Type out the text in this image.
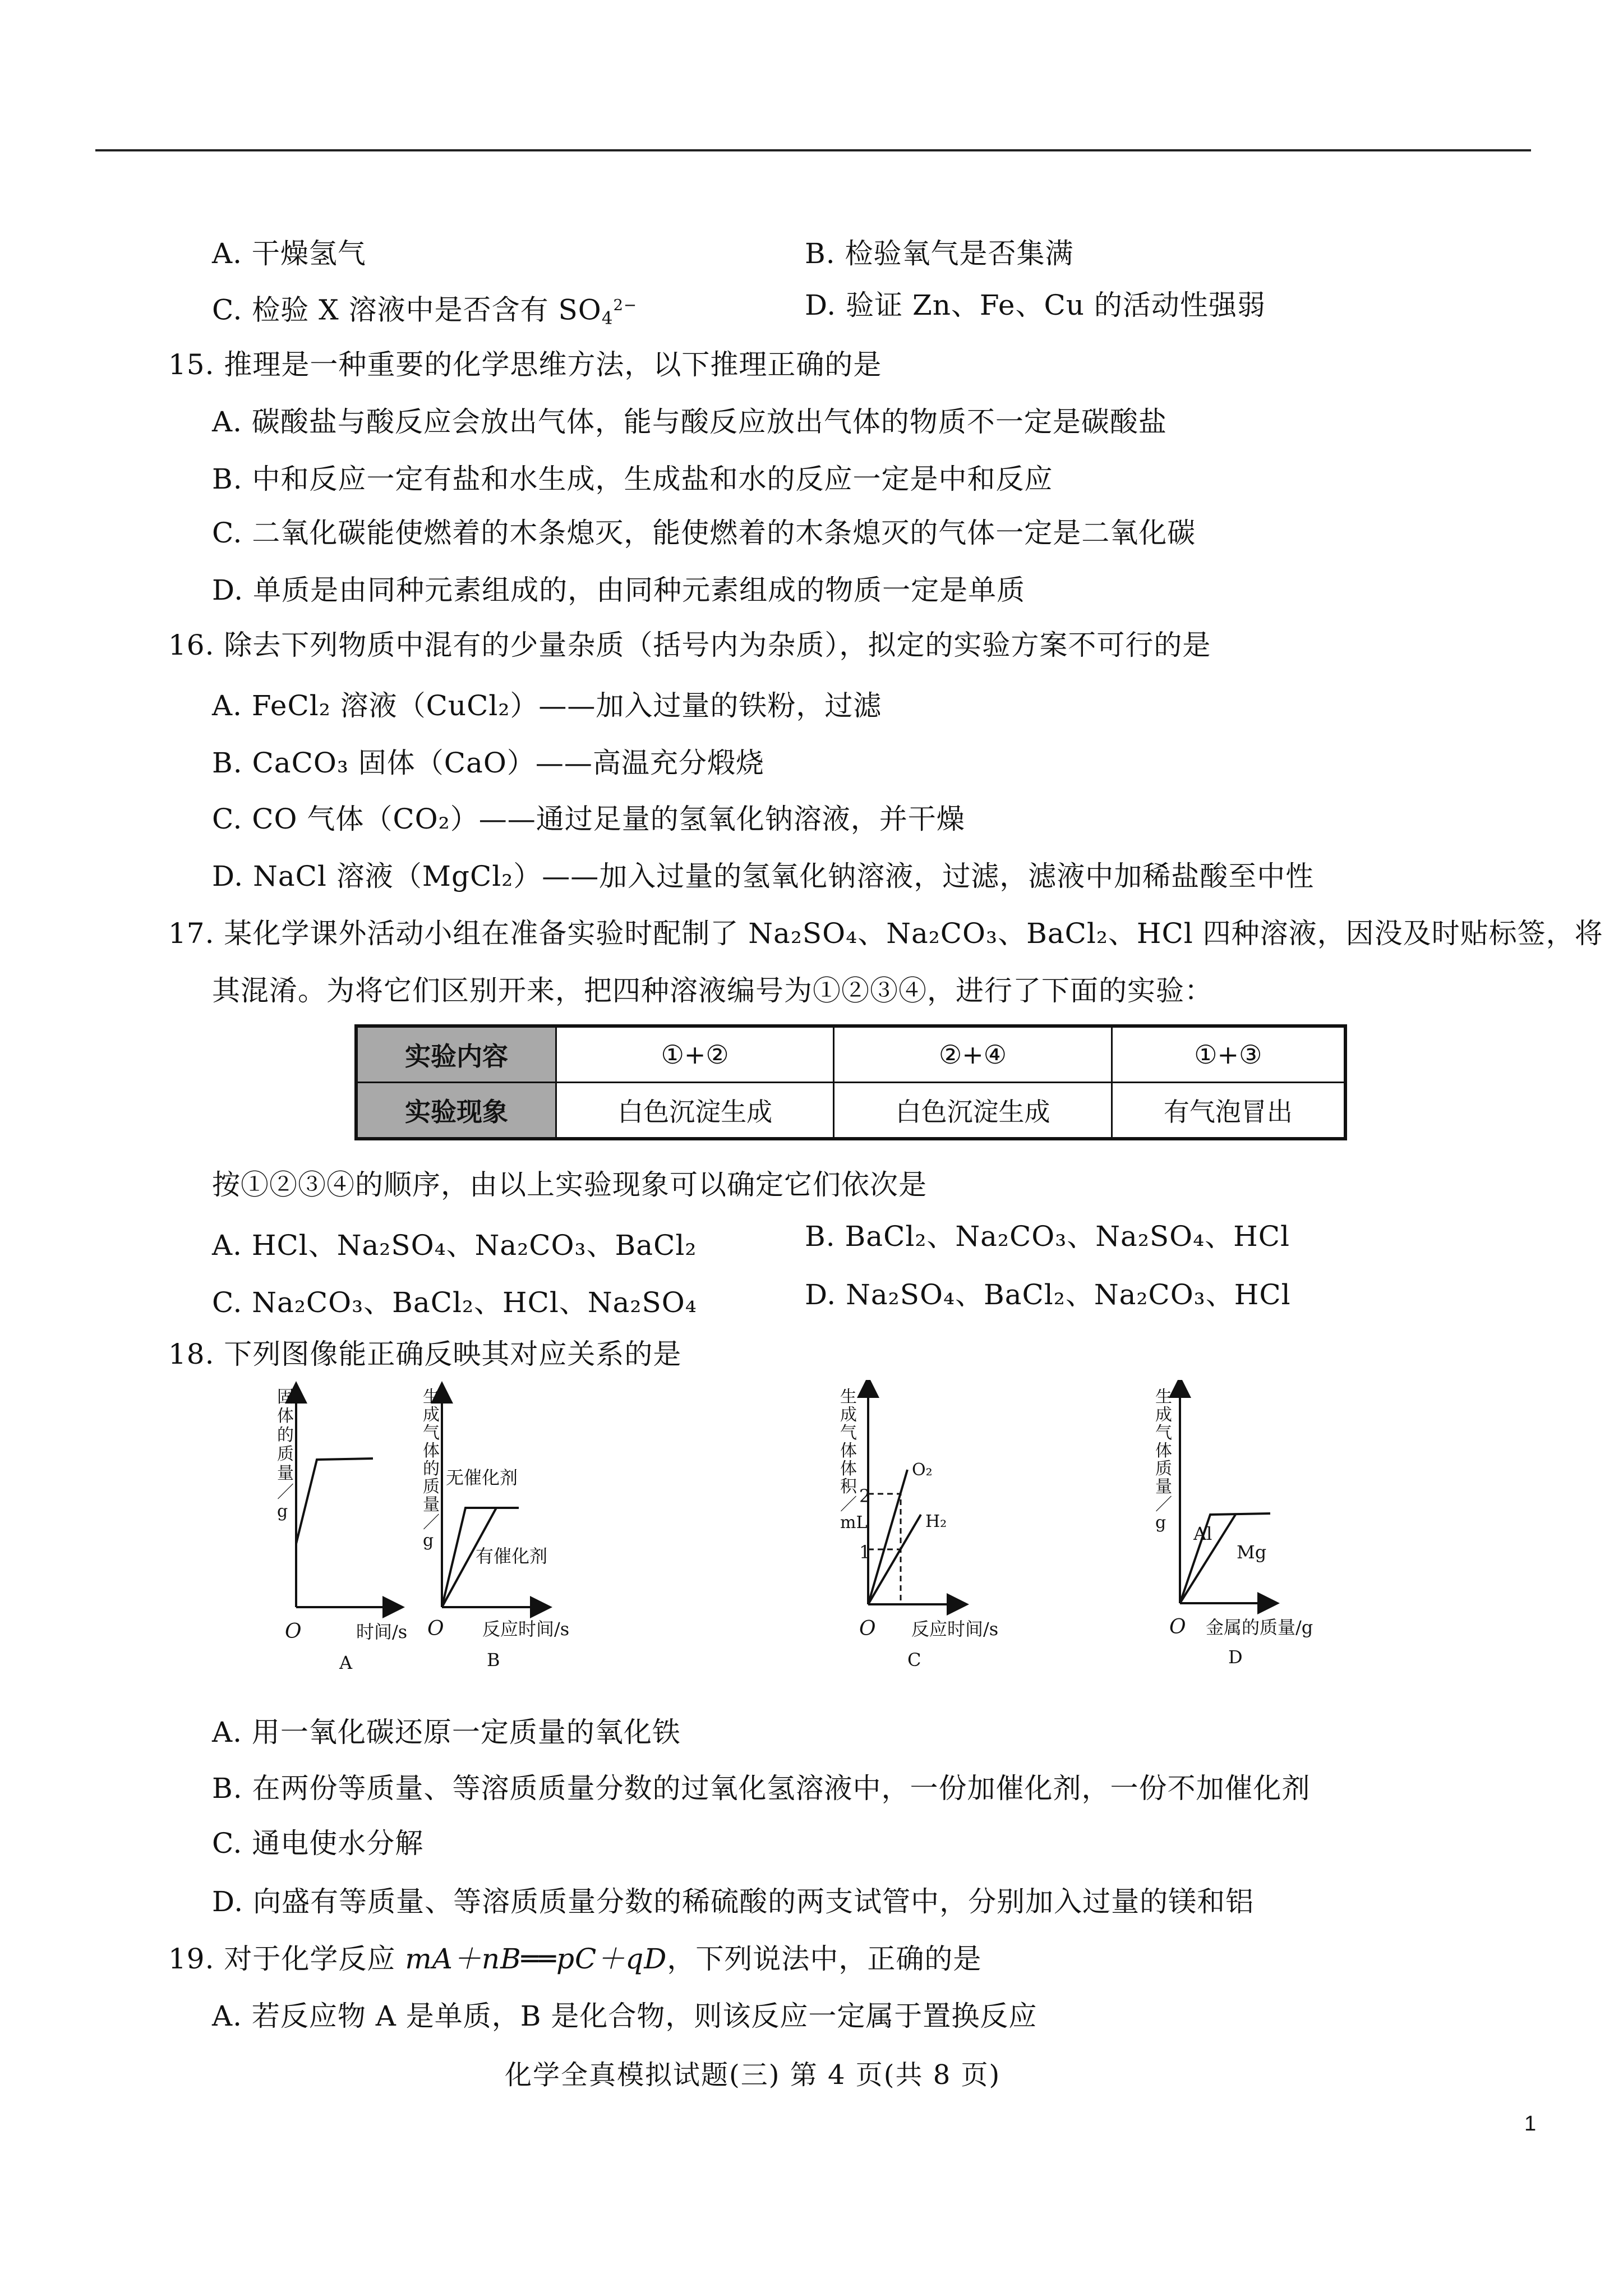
A. 干燥氢气	B. 检验氧气是否集满
C. 检验 X 溶液中是否含有 $SO_4^{2-}$	D. 验证 Zn、Fe、Cu 的活动性强弱
15. 推理是一种重要的化学思维方法，以下推理正确的是
A. 碳酸盐与酸反应会放出气体，能与酸反应放出气体的物质不一定是碳酸盐
B. 中和反应一定有盐和水生成，生成盐和水的反应一定是中和反应
C. 二氧化碳能使燃着的木条熄灭，能使燃着的木条熄灭的气体一定是二氧化碳
D. 单质是由同种元素组成的，由同种元素组成的物质一定是单质
16. 除去下列物质中混有的少量杂质（括号内为杂质），拟定的实验方案不可行的是
A. FeCl₂ 溶液（CuCl₂）——加入过量的铁粉，过滤
B. CaCO₃ 固体（CaO）——高温充分煅烧
C. CO 气体（CO₂）——通过足量的氢氧化钠溶液，并干燥
D. NaCl 溶液（MgCl₂）——加入过量的氢氧化钠溶液，过滤，滤液中加稀盐酸至中性
17. 某化学课外活动小组在准备实验时配制了 Na₂SO₄、Na₂CO₃、BaCl₂、HCl 四种溶液，因没及时贴标签，将
其混淆。为将它们区别开来，把四种溶液编号为①②③④，进行了下面的实验：
实验内容	①+②	②+④	①+③
实验现象	白色沉淀生成	白色沉淀生成	有气泡冒出
按①②③④的顺序，由以上实验现象可以确定它们依次是
A. HCl、Na₂SO₄、Na₂CO₃、BaCl₂	B. BaCl₂、Na₂CO₃、Na₂SO₄、HCl
C. Na₂CO₃、BaCl₂、HCl、Na₂SO₄	D. Na₂SO₄、BaCl₂、Na₂CO₃、HCl
18. 下列图像能正确反映其对应关系的是
固
体
的
质
量
／
g
O	时间/s
A
无催化剂
有催化剂
生
成
气
体
的
质
量
／
g
O 反应时间/s
B
2
1
O₂
H₂
生
成
气
体
体
积
／
mL
O 反应时间/s
C
Al
Mg
生
成
气
体
质
量
／
g
O 金属的质量/g
D
A. 用一氧化碳还原一定质量的氧化铁
B. 在两份等质量、等溶质质量分数的过氧化氢溶液中，一份加催化剂，一份不加催化剂
C. 通电使水分解
D. 向盛有等质量、等溶质质量分数的稀硫酸的两支试管中，分别加入过量的镁和铝
19. 对于化学反应 mA＋nB══pC＋qD，下列说法中，正确的是
A. 若反应物 A 是单质，B 是化合物，则该反应一定属于置换反应
化学全真模拟试题(三) 第 4 页(共 8 页)
1
